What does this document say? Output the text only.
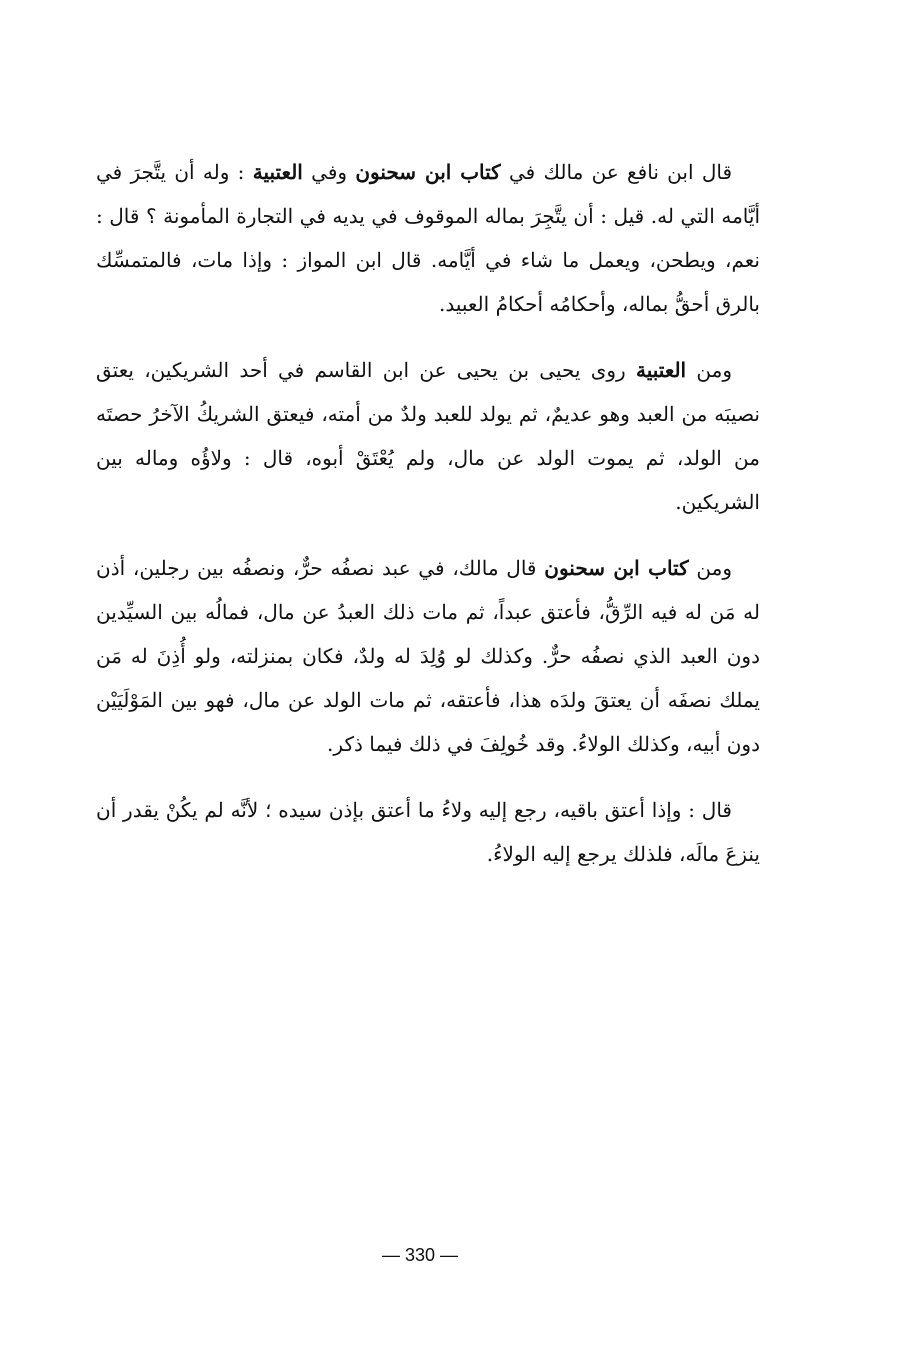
قال ابن نافع عن مالك في كتاب ابن سحنون وفي العتبية : وله أن يتَّجرَ في أيَّامه التي له. قيل : أن يتَّجِرَ بماله الموقوف في يديه في التجارة المأمونة ؟ قال : نعم، ويطحن، ويعمل ما شاء في أيَّامه. قال ابن المواز : وإذا مات، فالمتمسِّك بالرق أحقُّ بماله، وأحكامُه أحكامُ العبيد.

ومن العتبية روى يحيى بن يحيى عن ابن القاسم في أحد الشريكين، يعتق نصيبَه من العبد وهو عديمٌ، ثم يولد للعبد ولدٌ من أمته، فيعتق الشريكُ الآخرُ حصتَه من الولد، ثم يموت الولد عن مال، ولم يُعْتَقْ أبوه، قال : ولاؤُه وماله بين الشريكين.

ومن كتاب ابن سحنون قال مالك، في عبد نصفُه حرٌّ، ونصفُه بين رجلين، أذن له مَن له فيه الرِّقُّ، فأعتق عبداً، ثم مات ذلك العبدُ عن مال، فمالُه بين السيِّدين دون العبد الذي نصفُه حرٌّ. وكذلك لو وُلِدَ له ولدٌ، فكان بمنزلته، ولو أُذِنَ له مَن يملك نصفَه أن يعتقَ ولدَه هذا، فأعتقه، ثم مات الولد عن مال، فهو بين المَوْلَيَيْن دون أبيه، وكذلك الولاءُ. وقد خُولِفَ في ذلك فيما ذكر.

قال : وإذا أعتق باقيه، رجع إليه ولاءُ ما أعتق بإذن سيده ؛ لأنَّه لم يكُنْ يقدر أن ينزعَ مالَه، فلذلك يرجع إليه الولاءُ.

— 330 —
